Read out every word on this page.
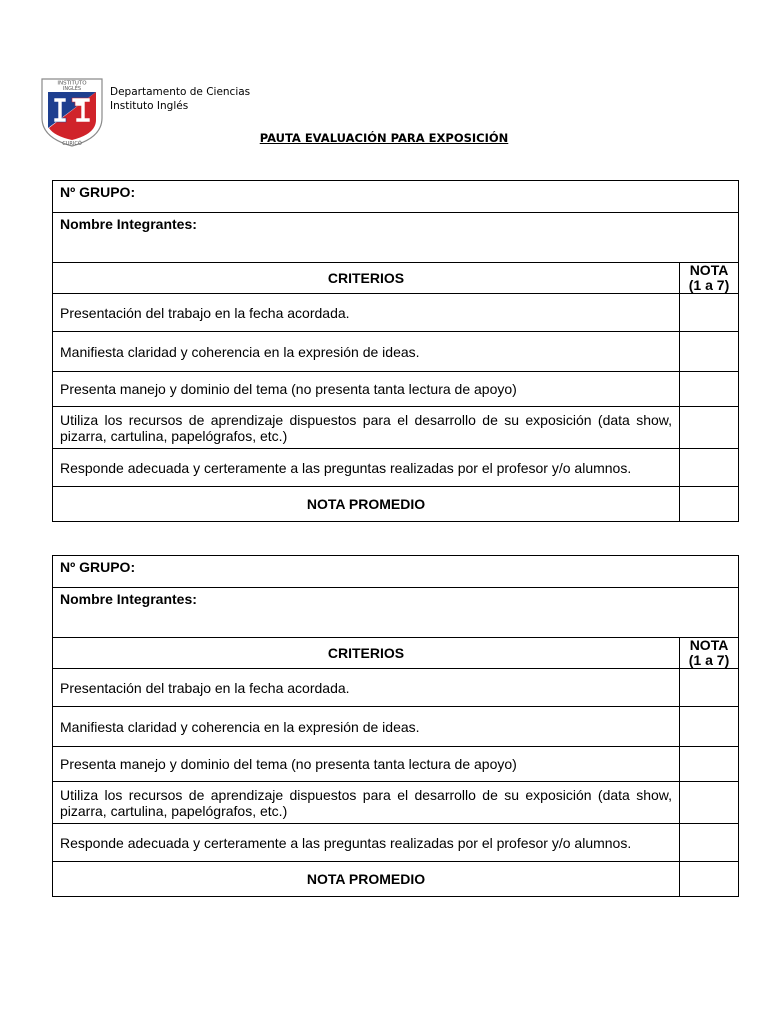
INSTITUTO
INGLÉS
CURICÓ
Departamento de Ciencias
Instituto Inglés
PAUTA EVALUACIÓN PARA EXPOSICIÓN
Nº GRUPO:	
Nombre Integrantes:	
CRITERIOS	NOTA
(1 a 7)

Presentación del trabajo en la fecha acordada.	
Manifiesta claridad y coherencia en la expresión de ideas.	
Presenta manejo y dominio del tema (no presenta tanta lectura de apoyo)	
Utiliza los recursos de aprendizaje dispuestos para el desarrollo de su exposición (data show, pizarra, cartulina, papelógrafos, etc.)	
Responde adecuada y certeramente a las preguntas realizadas por el profesor y/o alumnos.	
NOTA PROMEDIO	
Nº GRUPO:	
Nombre Integrantes:	
CRITERIOS	NOTA
(1 a 7)

Presentación del trabajo en la fecha acordada.	
Manifiesta claridad y coherencia en la expresión de ideas.	
Presenta manejo y dominio del tema (no presenta tanta lectura de apoyo)	
Utiliza los recursos de aprendizaje dispuestos para el desarrollo de su exposición (data show, pizarra, cartulina, papelógrafos, etc.)	
Responde adecuada y certeramente a las preguntas realizadas por el profesor y/o alumnos.	
NOTA PROMEDIO	
